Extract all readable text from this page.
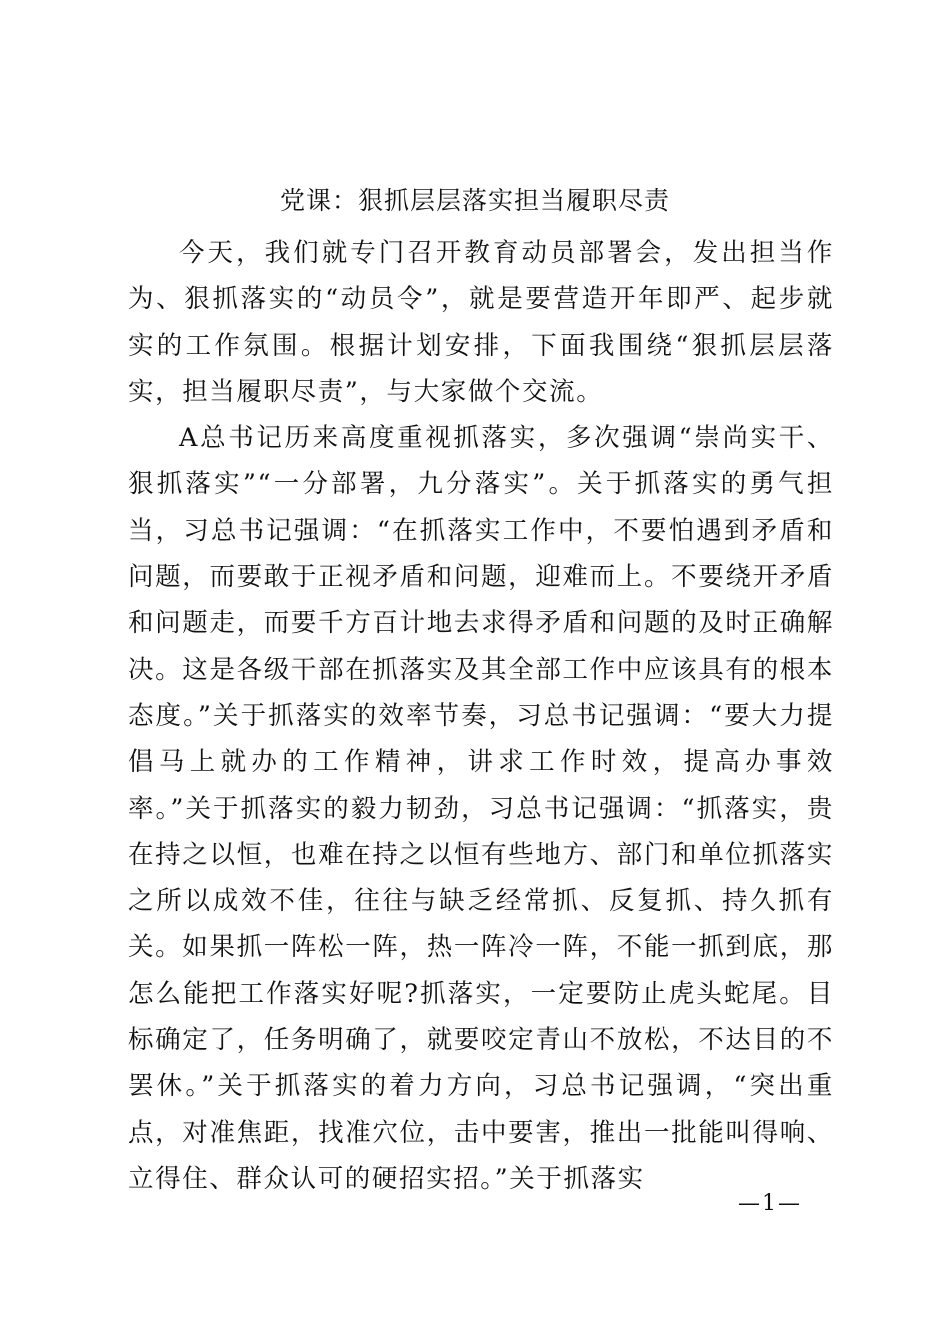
党课：狠抓层层落实担当履职尽责

今天，我们就专门召开教育动员部署会，发出担当作为、狠抓落实的“动员令”，就是要营造开年即严、起步就实的工作氛围。根据计划安排，下面我围绕“狠抓层层落实，担当履职尽责”，与大家做个交流。

A总书记历来高度重视抓落实，多次强调“崇尚实干、狠抓落实”“一分部署，九分落实”。关于抓落实的勇气担当，习总书记强调：“在抓落实工作中，不要怕遇到矛盾和问题，而要敢于正视矛盾和问题，迎难而上。不要绕开矛盾和问题走，而要千方百计地去求得矛盾和问题的及时正确解决。这是各级干部在抓落实及其全部工作中应该具有的根本态度。”关于抓落实的效率节奏，习总书记强调：“要大力提倡马上就办的工作精神，讲求工作时效，提高办事效率。”关于抓落实的毅力韧劲，习总书记强调：“抓落实，贵在持之以恒，也难在持之以恒有些地方、部门和单位抓落实之所以成效不佳，往往与缺乏经常抓、反复抓、持久抓有关。如果抓一阵松一阵，热一阵冷一阵，不能一抓到底，那怎么能把工作落实好呢?抓落实，一定要防止虎头蛇尾。目标确定了，任务明确了，就要咬定青山不放松，不达目的不罢休。”关于抓落实的着力方向，习总书记强调，“突出重点，对准焦距，找准穴位，击中要害，推出一批能叫得响、立得住、群众认可的硬招实招。”关于抓落实

—1—
